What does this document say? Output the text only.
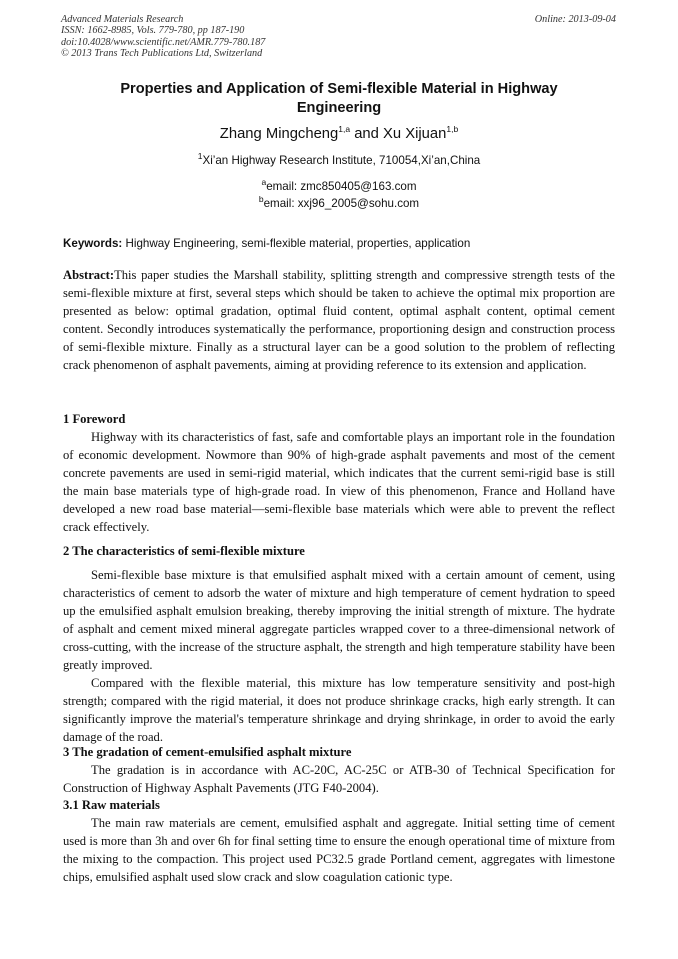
Advanced Materials Research
ISSN: 1662-8985, Vols. 779-780, pp 187-190
doi:10.4028/www.scientific.net/AMR.779-780.187
© 2013 Trans Tech Publications Ltd, Switzerland
Online: 2013-09-04
Properties and Application of Semi-flexible Material in Highway Engineering
Zhang Mingcheng$^{1,a}$ and Xu Xijuan$^{1,b}$
$^1$Xi’an Highway Research Institute, 710054,Xi’an,China
$^a$email: zmc850405@163.com
$^b$email: xxj96_2005@sohu.com
Keywords: Highway Engineering, semi-flexible material, properties, application
Abstract:This paper studies the Marshall stability, splitting strength and compressive strength tests of the semi-flexible mixture at first, several steps which should be taken to achieve the optimal mix proportion are presented as below: optimal gradation, optimal fluid content, optimal asphalt content, optimal cement content. Secondly introduces systematically the performance, proportioning design and construction process of semi-flexible mixture. Finally as a structural layer can be a good solution to the problem of reflecting crack phenomenon of asphalt pavements, aiming at providing reference to its extension and application.
1 Foreword
Highway with its characteristics of fast, safe and comfortable plays an important role in the foundation of economic development. Nowmore than 90% of high-grade asphalt pavements and most of the cement concrete pavements are used in semi-rigid material, which indicates that the current semi-rigid base is still the main base materials type of high-grade road. In view of this phenomenon, France and Holland have developed a new road base material—semi-flexible base materials which were able to prevent the reflect crack effectively.
2 The characteristics of semi-flexible mixture
Semi-flexible base mixture is that emulsified asphalt mixed with a certain amount of cement, using characteristics of cement to adsorb the water of mixture and high temperature of cement hydration to speed up the emulsified asphalt emulsion breaking, thereby improving the initial strength of mixture. The hydrate of asphalt and cement mixed mineral aggregate particles wrapped cover to a three-dimensional network of cross-cutting, with the increase of the structure asphalt, the strength and high temperature stability have been greatly improved.
Compared with the flexible material, this mixture has low temperature sensitivity and post-high strength; compared with the rigid material, it does not produce shrinkage cracks, high early strength. It can significantly improve the material's temperature shrinkage and drying shrinkage, in order to avoid the early damage of the road.
3 The gradation of cement-emulsified asphalt mixture
The gradation is in accordance with AC-20C, AC-25C or ATB-30 of Technical Specification for Construction of Highway Asphalt Pavements (JTG F40-2004).
3.1 Raw materials
The main raw materials are cement, emulsified asphalt and aggregate. Initial setting time of cement used is more than 3h and over 6h for final setting time to ensure the enough operational time of mixture from the mixing to the compaction. This project used PC32.5 grade Portland cement, aggregates with limestone chips, emulsified asphalt used slow crack and slow coagulation cationic type.
